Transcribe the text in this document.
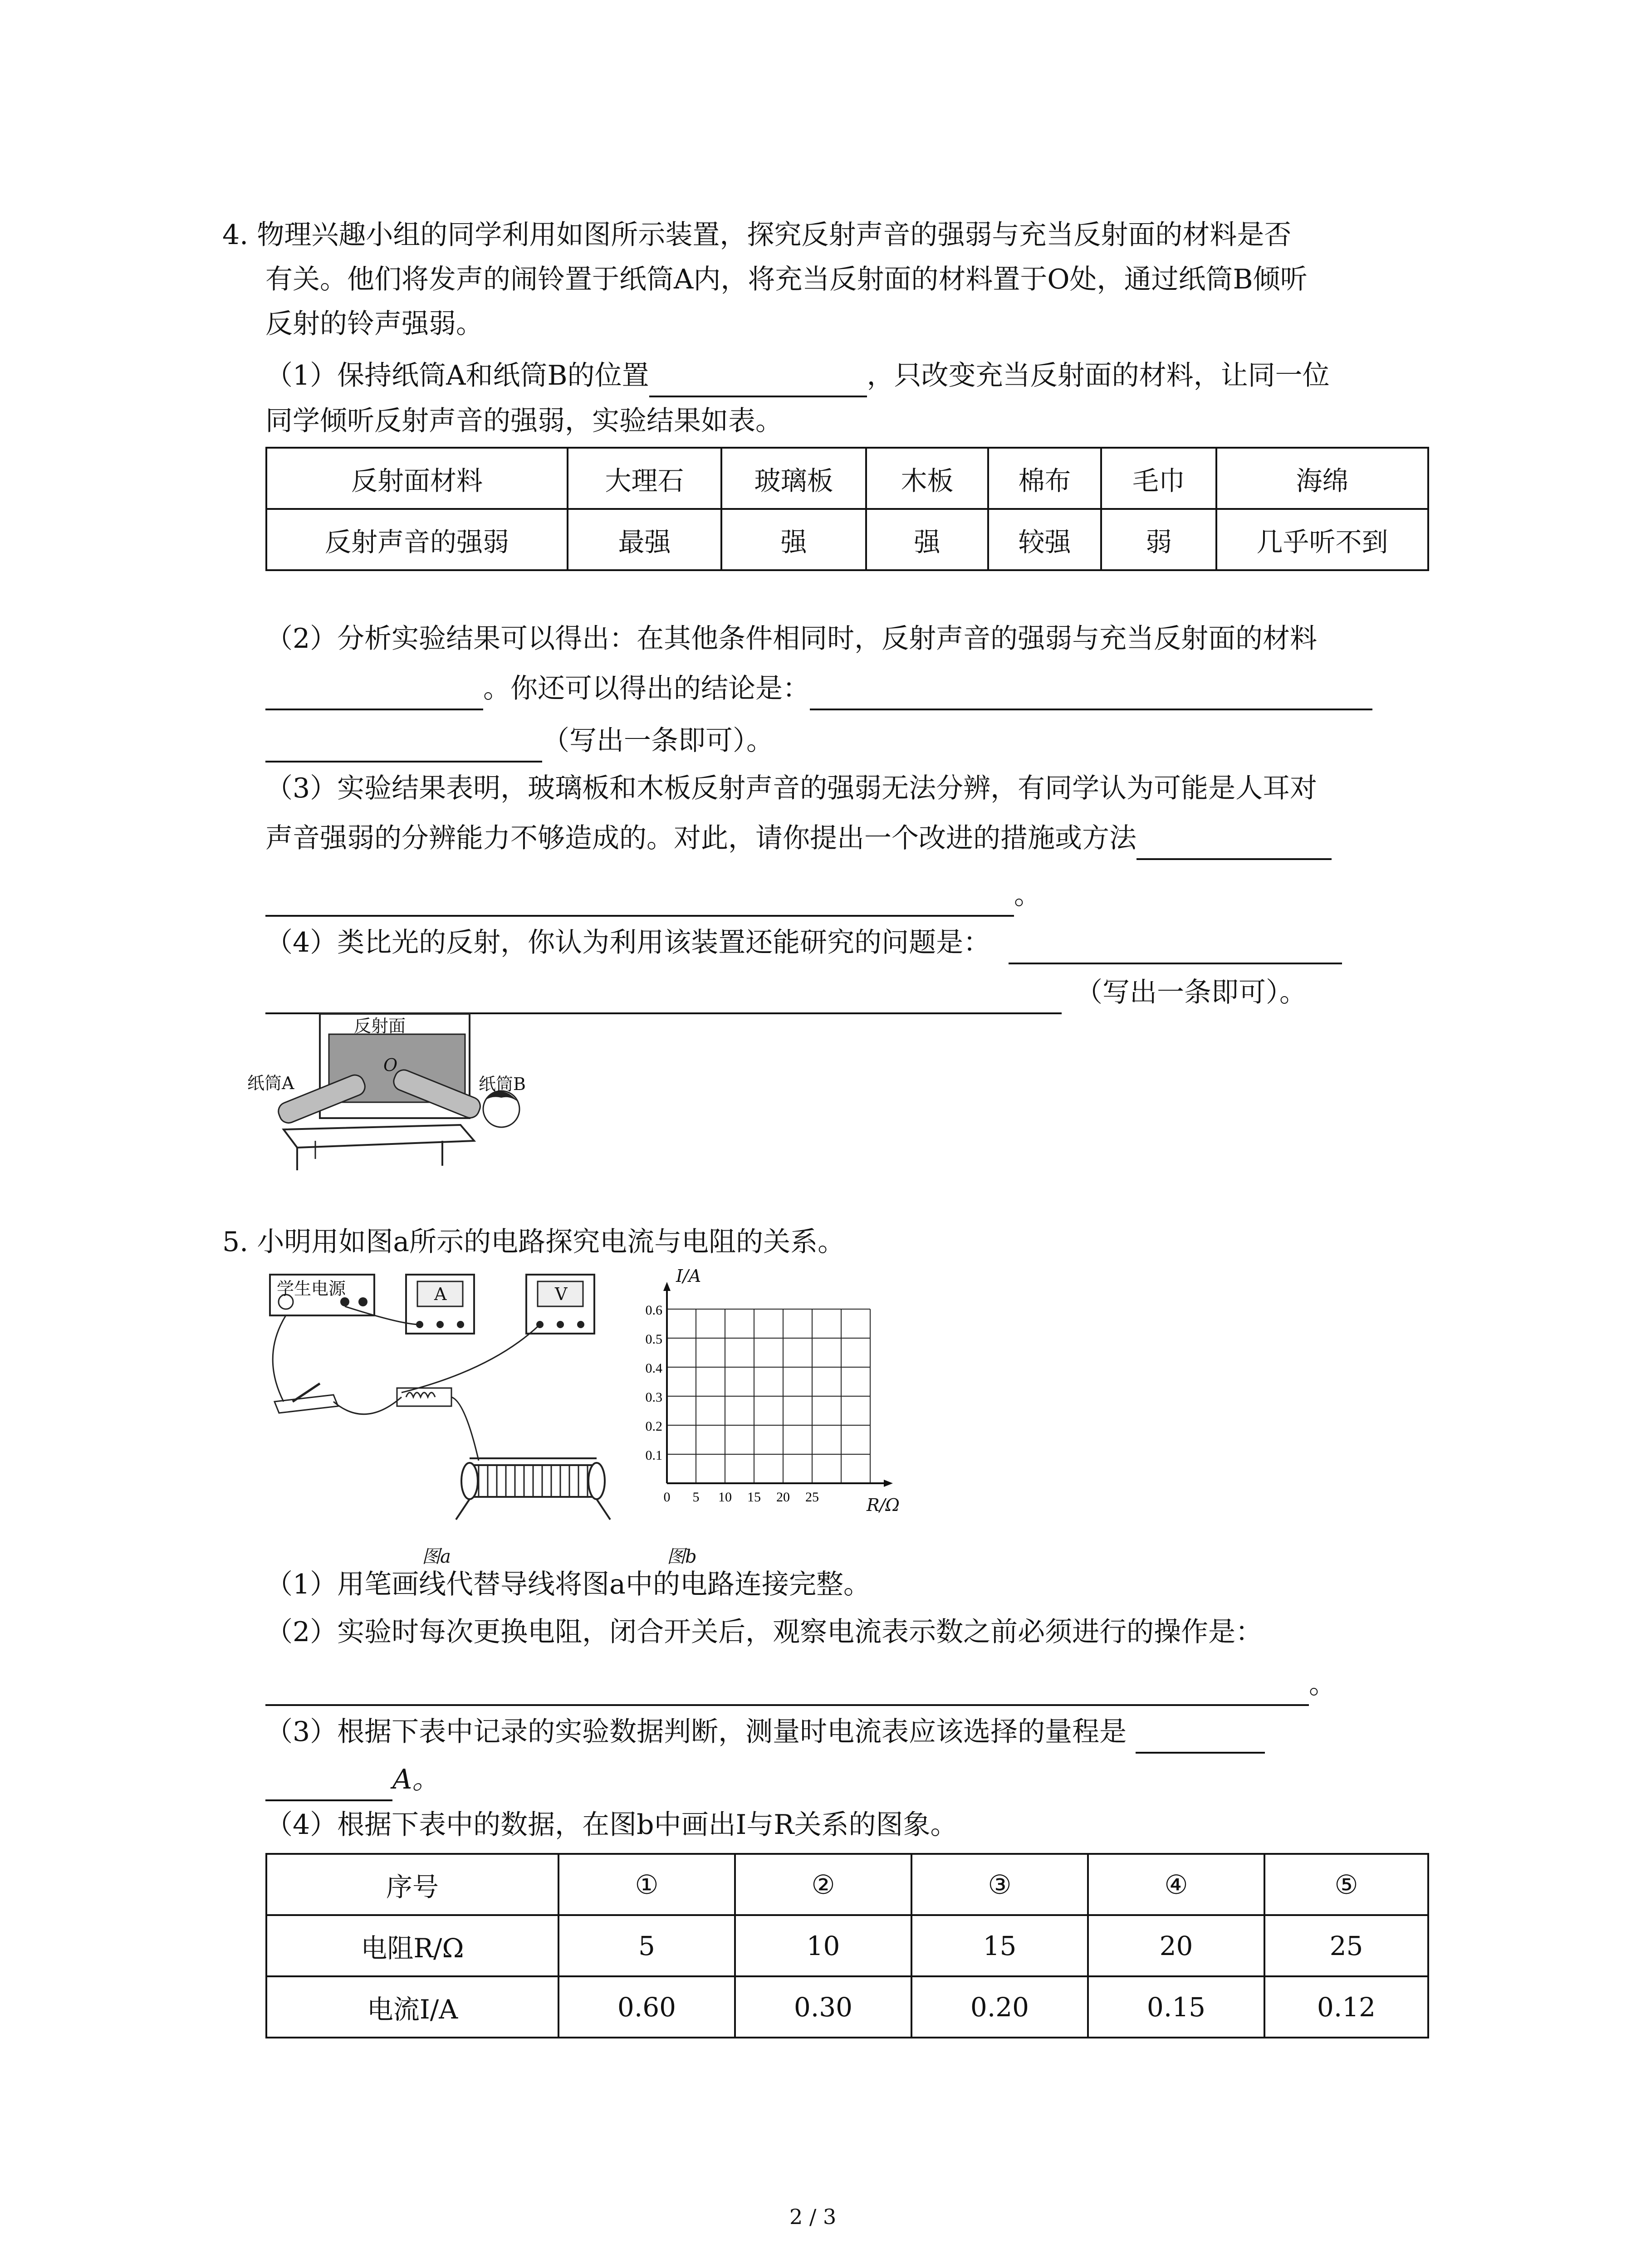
4. 物理兴趣小组的同学利用如图所示装置，探究反射声音的强弱与充当反射面的材料是否
有关。他们将发声的闹铃置于纸筒A内，将充当反射面的材料置于O处，通过纸筒B倾听
反射的铃声强弱。
（1）保持纸筒A和纸筒B的位置	，只改变充当反射面的材料，让同一位
同学倾听反射声音的强弱，实验结果如表。
反射面材料	大理石	玻璃板	木板	棉布	毛巾	海绵
反射声音的强弱	最强	强	强	较强	弱	几乎听不到
（2）分析实验结果可以得出：在其他条件相同时，反射声音的强弱与充当反射面的材料
。你还可以得出的结论是：
（写出一条即可）。
（3）实验结果表明，玻璃板和木板反射声音的强弱无法分辨，有同学认为可能是人耳对
声音强弱的分辨能力不够造成的。对此，请你提出一个改进的措施或方法
。
（4）类比光的反射，你认为利用该装置还能研究的问题是：
（写出一条即可）。
反射面
O
纸筒A	纸筒B
5. 小明用如图a所示的电路探究电流与电阻的关系。
学生电源	A	V
图a
0.6
0.5
0.4
0.3
0.2
0.1
0 5 10 15 20 25
I/A
R/Ω
图b
（1）用笔画线代替导线将图a中的电路连接完整。
（2）实验时每次更换电阻，闭合开关后，观察电流表示数之前必须进行的操作是：
。
（3）根据下表中记录的实验数据判断，测量时电流表应该选择的量程是
A。
（4）根据下表中的数据，在图b中画出I与R关系的图象。
序号	①	②	③	④	⑤
电阻R/Ω	5	10	15	20	25
电流I/A	0.60	0.30	0.20	0.15	0.12
2 / 3
